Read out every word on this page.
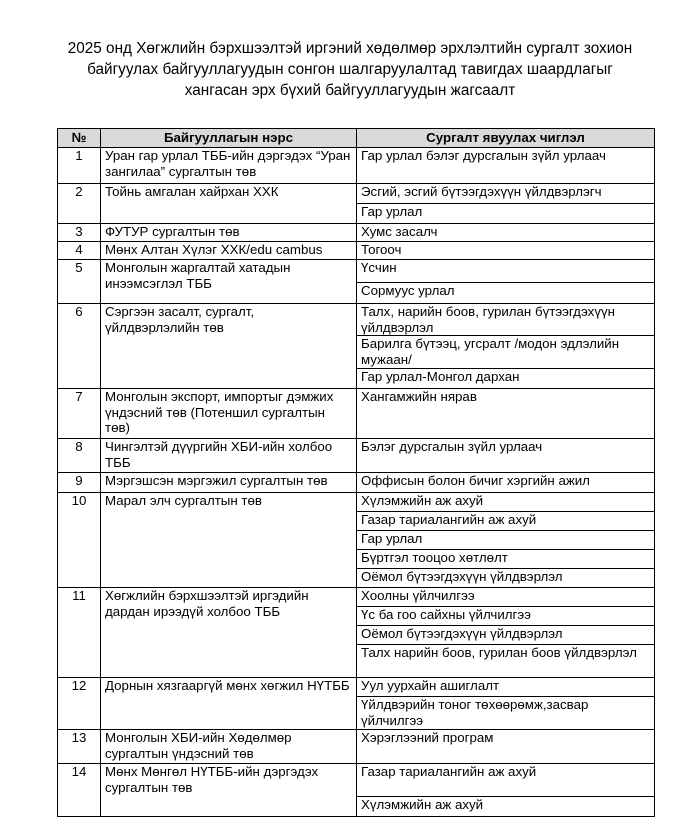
2025 онд Хөгжлийн бэрхшээлтэй иргэний хөдөлмөр эрхлэлтийн сургалт зохион
байгуулах байгууллагуудын сонгон шалгаруулалтад тавигдах шаардлагыг
хангасан эрх бүхий байгууллагуудын жагсаалт
№	Байгууллагын нэрс	Сургалт явуулах чиглэл
1	Уран гар урлал ТББ-ийн дэргэдэх “Уран зангилаа” сургалтын төв	Гар урлал бэлэг дурсгалын зүйл урлаач
2	Тойнь амгалан хайрхан ХХК	Эсгий, эсгий бүтээгдэхүүн үйлдвэрлэгч
		Гар урлал
3	ФУТУР сургалтын төв	Хумс засалч
4	Мөнх Алтан Хүлэг ХХК/edu cambus	Тогооч
5	Монголын жаргалтай хатадын инээмсэглэл ТББ	Үсчин
		Сормуус урлал
6	Сэргээн засалт, сургалт, үйлдвэрлэлийн төв	Талх, нарийн боов, гурилан бүтээгдэхүүн үйлдвэрлэл
		Барилга бүтээц, угсралт /модон эдлэлийн мужаан/
		Гар урлал-Монгол дархан
7	Монголын экспорт, импортыг дэмжих үндэсний төв (Потеншил сургалтын төв)	Хангамжийн нярав
8	Чингэлтэй дүүргийн ХБИ-ийн холбоо ТББ	Бэлэг дурсгалын зүйл урлаач
9	Мэргэшсэн мэргэжил сургалтын төв	Оффисын болон бичиг хэргийн ажил
10	Марал элч сургалтын төв	Хүлэмжийн аж ахуй
		Газар тариалангийн аж ахуй
		Гар урлал
		Бүртгэл тооцоо хөтлөлт
		Оёмол бүтээгдэхүүн үйлдвэрлэл
11	Хөгжлийн бэрхшээлтэй иргэдийн дардан ирээдүй холбоо ТББ	Хоолны үйлчилгээ
		Үс ба гоо сайхны үйлчилгээ
		Оёмол бүтээгдэхүүн үйлдвэрлэл
		Талх нарийн боов, гурилан боов үйлдвэрлэл
12	Дорнын хязгааргүй мөнх хөгжил НҮТББ	Уул уурхайн ашиглалт
		Үйлдвэрийн тоног төхөөрөмж,засвар үйлчилгээ
13	Монголын ХБИ-ийн Хөдөлмөр сургалтын үндэсний төв	Хэрэглээний програм
14	Мөнх Мөнгөл НҮТББ-ийн дэргэдэх сургалтын төв	Газар тариалангийн аж ахуй
		Хүлэмжийн аж ахуй
